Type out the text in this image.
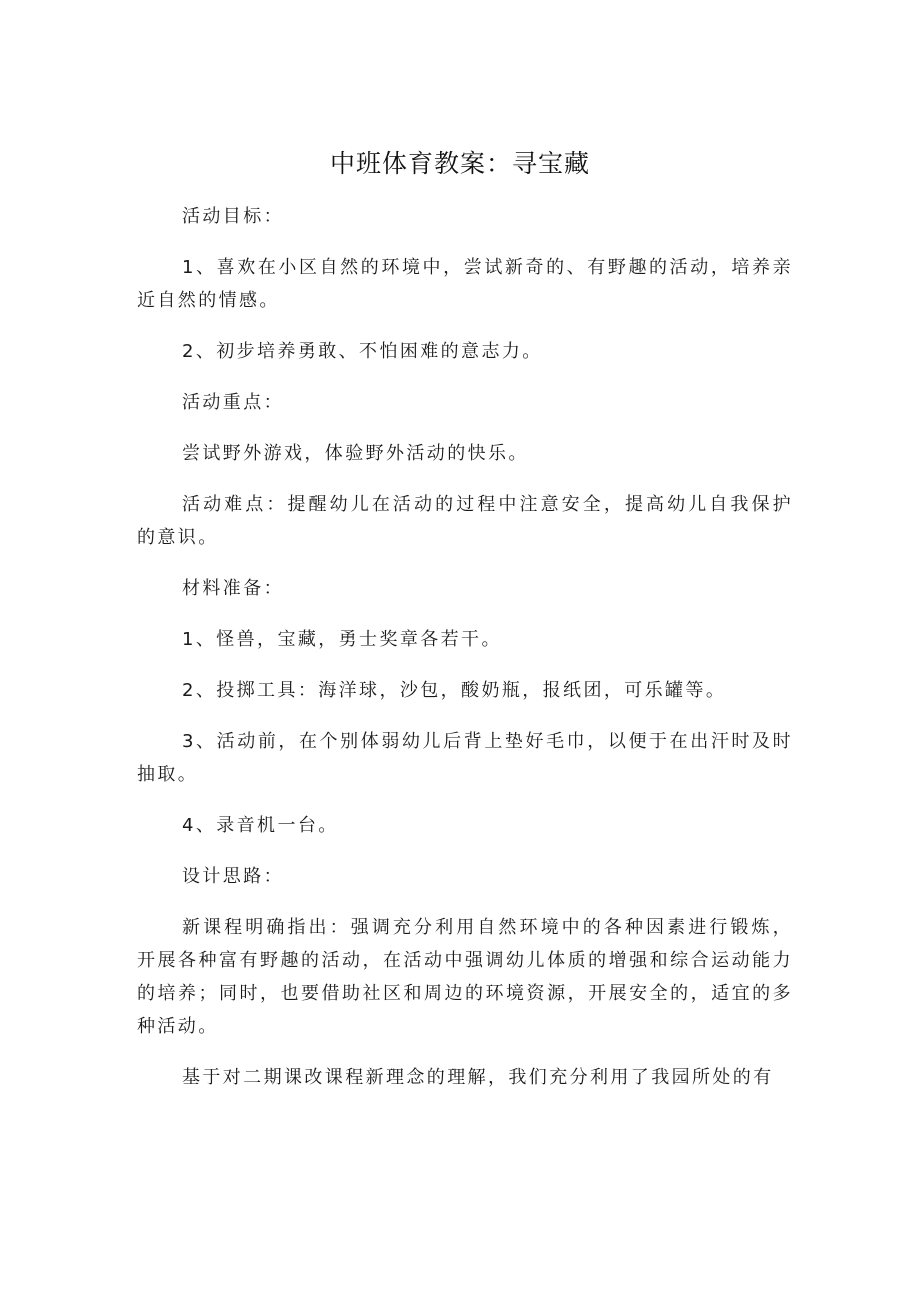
中班体育教案：寻宝藏

活动目标：

1、喜欢在小区自然的环境中，尝试新奇的、有野趣的活动，培养亲近自然的情感。

2、初步培养勇敢、不怕困难的意志力。

活动重点：

尝试野外游戏，体验野外活动的快乐。

活动难点：提醒幼儿在活动的过程中注意安全，提高幼儿自我保护的意识。

材料准备：

1、怪兽，宝藏，勇士奖章各若干。

2、投掷工具：海洋球，沙包，酸奶瓶，报纸团，可乐罐等。

3、活动前，在个别体弱幼儿后背上垫好毛巾，以便于在出汗时及时抽取。

4、录音机一台。

设计思路：

新课程明确指出：强调充分利用自然环境中的各种因素进行锻炼，开展各种富有野趣的活动，在活动中强调幼儿体质的增强和综合运动能力的培养；同时，也要借助社区和周边的环境资源，开展安全的，适宜的多种活动。

基于对二期课改课程新理念的理解，我们充分利用了我园所处的有
